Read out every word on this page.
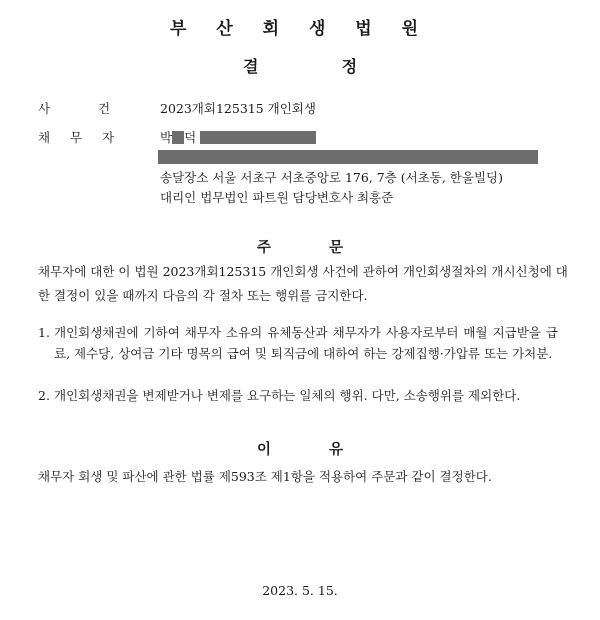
부 산 회 생 법 원
결	정
사	건	2023개회125315 개인회생
채 무 자	박 덕
송달장소 서울 서초구 서초중앙로 176, 7층 (서초동, 한울빌딩)
대리인 법무법인 파트원 담당변호사 최흥준
주	문
채무자에 대한 이 법원 2023개회125315 개인회생 사건에 관하여 개인회생절차의 개시신청에 대한 결정이 있을 때까지 다음의 각 절차 또는 행위를 금지한다.
1. 개인회생채권에 기하여 채무자 소유의 유체동산과 채무자가 사용자로부터 매월 지급받을 급료, 제수당, 상여금 기타 명목의 급여 및 퇴직금에 대하여 하는 강제집행·가압류 또는 가처분.
2. 개인회생채권을 변제받거나 변제를 요구하는 일체의 행위. 다만, 소송행위를 제외한다.
이	유
채무자 회생 및 파산에 관한 법률 제593조 제1항을 적용하여 주문과 같이 결정한다.
2023. 5. 15.
